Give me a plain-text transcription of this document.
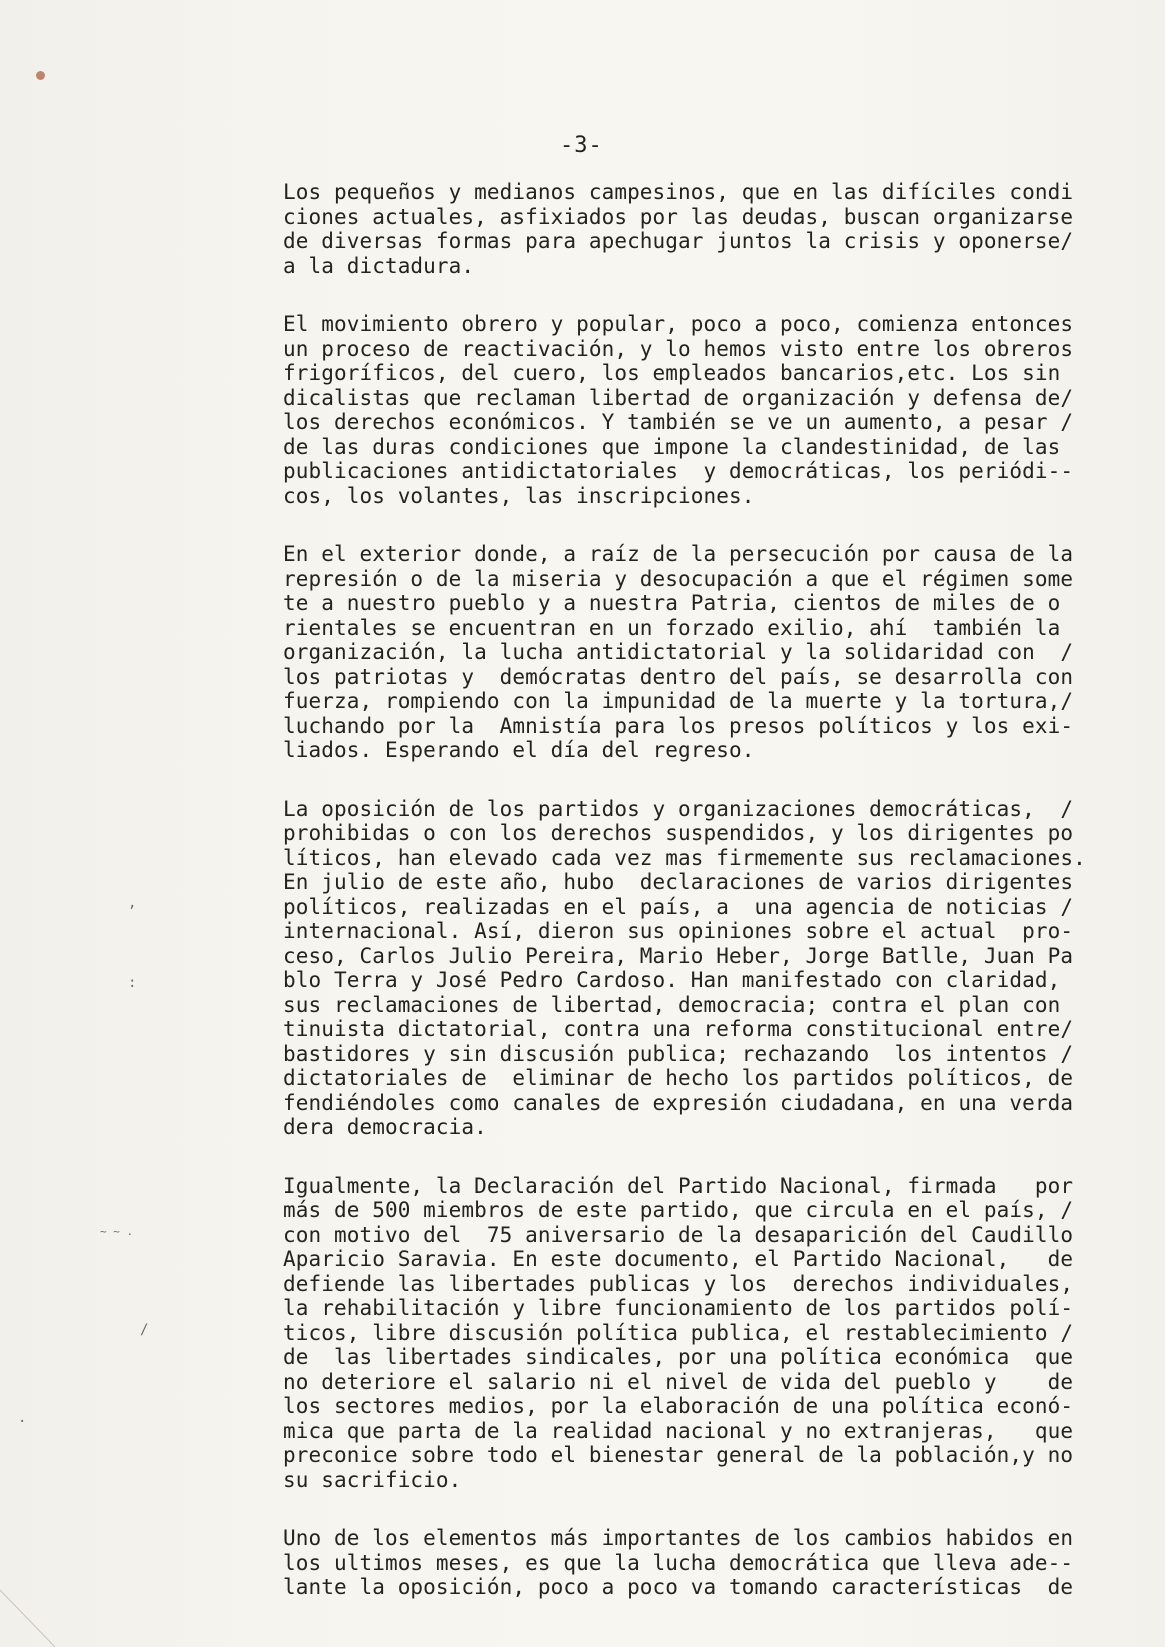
,
:
~ ~ .
/
.
-3-
Los pequeños y medianos campesinos, que en las difíciles condi
ciones actuales, asfixiados por las deudas, buscan organizarse
de diversas formas para apechugar juntos la crisis y oponerse/
a la dictadura.
El movimiento obrero y popular, poco a poco, comienza entonces
un proceso de reactivación, y lo hemos visto entre los obreros
frigoríficos, del cuero, los empleados bancarios,etc. Los sin
dicalistas que reclaman libertad de organización y defensa de/
los derechos económicos. Y también se ve un aumento, a pesar /
de las duras condiciones que impone la clandestinidad, de las
publicaciones antidictatoriales  y democráticas, los periódi--
cos, los volantes, las inscripciones.
En el exterior donde, a raíz de la persecución por causa de la
represión o de la miseria y desocupación a que el régimen some
te a nuestro pueblo y a nuestra Patria, cientos de miles de o
rientales se encuentran en un forzado exilio, ahí  también la
organización, la lucha antidictatorial y la solidaridad con  /
los patriotas y  demócratas dentro del país, se desarrolla con
fuerza, rompiendo con la impunidad de la muerte y la tortura,/
luchando por la  Amnistía para los presos políticos y los exi-
liados. Esperando el día del regreso.
La oposición de los partidos y organizaciones democráticas,  /
prohibidas o con los derechos suspendidos, y los dirigentes po
líticos, han elevado cada vez mas firmemente sus reclamaciones.
En julio de este año, hubo  declaraciones de varios dirigentes
políticos, realizadas en el país, a  una agencia de noticias /
internacional. Así, dieron sus opiniones sobre el actual  pro-
ceso, Carlos Julio Pereira, Mario Heber, Jorge Batlle, Juan Pa
blo Terra y José Pedro Cardoso. Han manifestado con claridad,
sus reclamaciones de libertad, democracia; contra el plan con
tinuista dictatorial, contra una reforma constitucional entre/
bastidores y sin discusión publica; rechazando  los intentos /
dictatoriales de  eliminar de hecho los partidos políticos, de
fendiéndoles como canales de expresión ciudadana, en una verda
dera democracia.
Igualmente, la Declaración del Partido Nacional, firmada   por
más de 500 miembros de este partido, que circula en el país, /
con motivo del  75 aniversario de la desaparición del Caudillo
Aparicio Saravia. En este documento, el Partido Nacional,   de
defiende las libertades publicas y los  derechos individuales,
la rehabilitación y libre funcionamiento de los partidos polí-
ticos, libre discusión política publica, el restablecimiento /
de  las libertades sindicales, por una política económica  que
no deteriore el salario ni el nivel de vida del pueblo y    de
los sectores medios, por la elaboración de una política econó-
mica que parta de la realidad nacional y no extranjeras,   que
preconice sobre todo el bienestar general de la población,y no
su sacrificio.
Uno de los elementos más importantes de los cambios habidos en
los ultimos meses, es que la lucha democrática que lleva ade--
lante la oposición, poco a poco va tomando características  de
